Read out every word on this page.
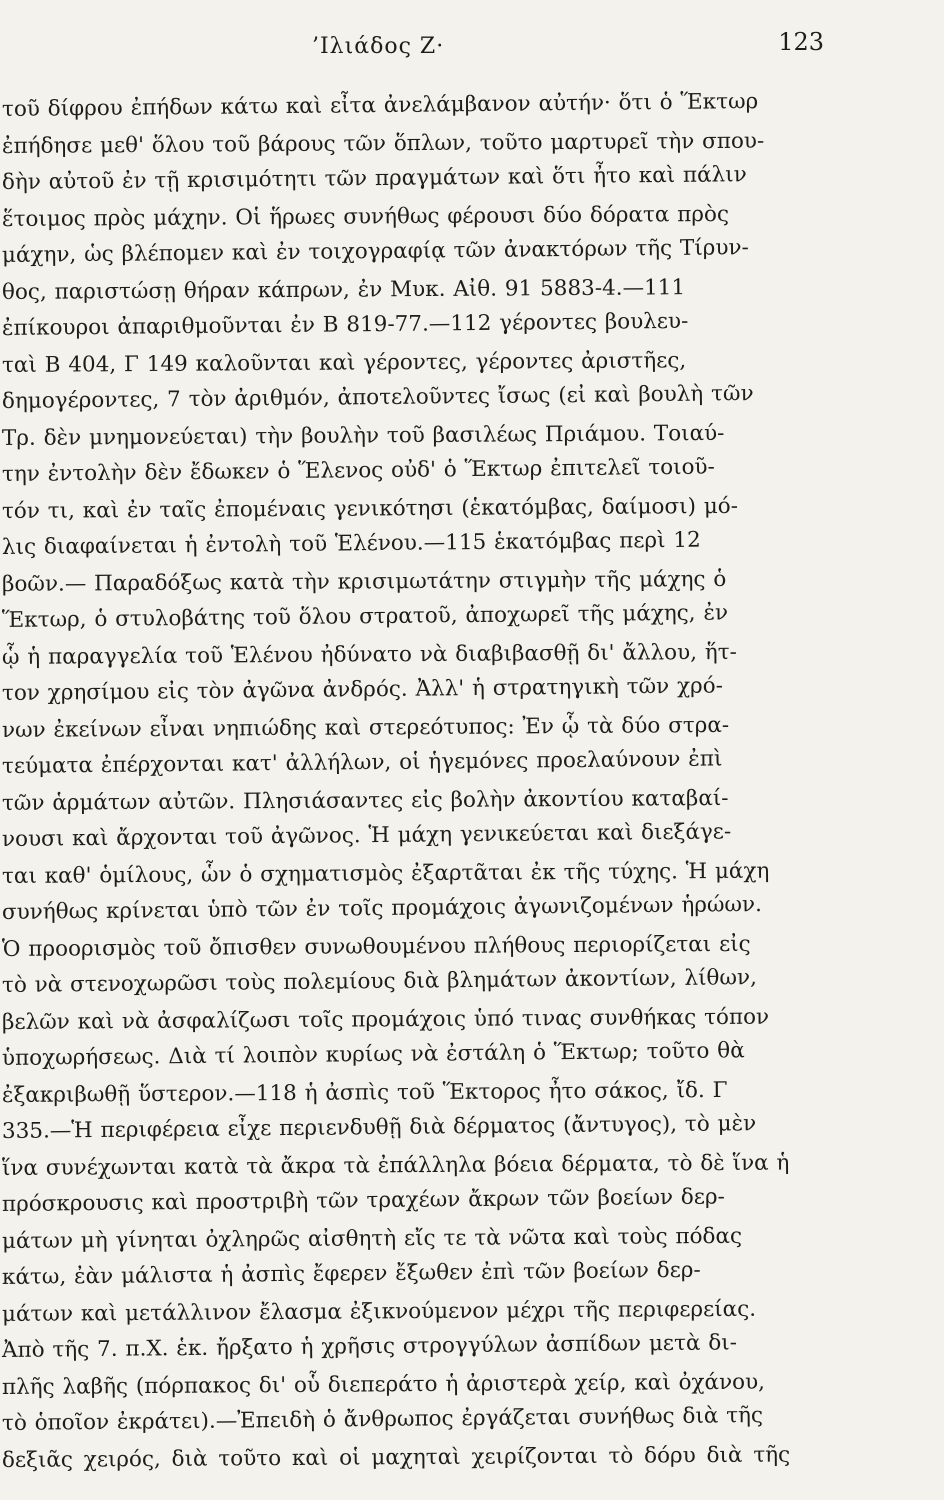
’Ιλιάδος Ζ·	123
τοῦ δίφρου ἐπήδων κάτω καὶ εἶτα ἀνελάμβανον αὐτήν· ὅτι ὁ Ἕκτωρ
ἐπήδησε μεθ' ὅλου τοῦ βάρους τῶν ὅπλων, τοῦτο μαρτυρεῖ τὴν σπου-
δὴν αὐτοῦ ἐν τῇ κρισιμότητι τῶν πραγμάτων καὶ ὅτι ἦτο καὶ πάλιν
ἕτοιμος πρὸς μάχην. Οἱ ἥρωες συνήθως φέρουσι δύο δόρατα πρὸς
μάχην, ὡς βλέπομεν καὶ ἐν τοιχογραφίᾳ τῶν ἀνακτόρων τῆς Τίρυν-
θος, παριστώσῃ θήραν κάπρων, ἐν Μυκ. Αἰθ. 91 5883-4.—111
ἐπίκουροι ἀπαριθμοῦνται ἐν Β 819-77.—112 γέροντες βουλευ-
ταὶ Β 404, Γ 149 καλοῦνται καὶ γέροντες, γέροντες ἀριστῆες,
δημογέροντες, 7 τὸν ἀριθμόν, ἀποτελοῦντες ἴσως (εἰ καὶ βουλὴ τῶν
Τρ. δὲν μνημονεύεται) τὴν βουλὴν τοῦ βασιλέως Πριάμου. Τοιαύ-
την ἐντολὴν δὲν ἔδωκεν ὁ Ἕλενος οὐδ' ὁ Ἕκτωρ ἐπιτελεῖ τοιοῦ-
τόν τι, καὶ ἐν ταῖς ἐπομέναις γενικότησι (ἑκατόμβας, δαίμοσι) μό-
λις διαφαίνεται ἡ ἐντολὴ τοῦ Ἑλένου.—115 ἑκατόμβας περὶ 12
βοῶν.— Παραδόξως κατὰ τὴν κρισιμωτάτην στιγμὴν τῆς μάχης ὁ
Ἕκτωρ, ὁ στυλοβάτης τοῦ ὅλου στρατοῦ, ἀποχωρεῖ τῆς μάχης, ἐν
ᾧ ἡ παραγγελία τοῦ Ἑλένου ἠδύνατο νὰ διαβιβασθῇ δι' ἄλλου, ἥτ-
τον χρησίμου εἰς τὸν ἀγῶνα ἀνδρός. Ἀλλ' ἡ στρατηγικὴ τῶν χρό-
νων ἐκείνων εἶναι νηπιώδης καὶ στερεότυπος: Ἐν ᾧ τὰ δύο στρα-
τεύματα ἐπέρχονται κατ' ἀλλήλων, οἱ ἡγεμόνες προελαύνουν ἐπὶ
τῶν ἁρμάτων αὐτῶν. Πλησιάσαντες εἰς βολὴν ἀκοντίου καταβαί-
νουσι καὶ ἄρχονται τοῦ ἀγῶνος. Ἡ μάχη γενικεύεται καὶ διεξάγε-
ται καθ' ὁμίλους, ὧν ὁ σχηματισμὸς ἐξαρτᾶται ἐκ τῆς τύχης. Ἡ μάχη
συνήθως κρίνεται ὑπὸ τῶν ἐν τοῖς προμάχοις ἀγωνιζομένων ἡρώων.
Ὁ προορισμὸς τοῦ ὄπισθεν συνωθουμένου πλήθους περιορίζεται εἰς
τὸ νὰ στενοχωρῶσι τοὺς πολεμίους διὰ βλημάτων ἀκοντίων, λίθων,
βελῶν καὶ νὰ ἀσφαλίζωσι τοῖς προμάχοις ὑπό τινας συνθήκας τόπον
ὑποχωρήσεως. Διὰ τί λοιπὸν κυρίως νὰ ἐστάλη ὁ Ἕκτωρ; τοῦτο θὰ
ἐξακριβωθῇ ὕστερον.—118 ἡ ἀσπὶς τοῦ Ἕκτορος ἦτο σάκος, ἴδ. Γ
335.—Ἡ περιφέρεια εἶχε περιενδυθῇ διὰ δέρματος (ἄντυγος), τὸ μὲν
ἵνα συνέχωνται κατὰ τὰ ἄκρα τὰ ἐπάλληλα βόεια δέρματα, τὸ δὲ ἵνα ἡ
πρόσκρουσις καὶ προστριβὴ τῶν τραχέων ἄκρων τῶν βοείων δερ-
μάτων μὴ γίνηται ὀχληρῶς αἰσθητὴ εἴς τε τὰ νῶτα καὶ τοὺς πόδας
κάτω, ἐὰν μάλιστα ἡ ἀσπὶς ἔφερεν ἔξωθεν ἐπὶ τῶν βοείων δερ-
μάτων καὶ μετάλλινον ἔλασμα ἐξικνούμενον μέχρι τῆς περιφερείας.
Ἀπὸ τῆς 7. π.Χ. ἑκ. ἤρξατο ἡ χρῆσις στρογγύλων ἀσπίδων μετὰ δι-
πλῆς λαβῆς (πόρπακος δι' οὗ διεπεράτο ἡ ἀριστερὰ χείρ, καὶ ὀχάνου,
τὸ ὁποῖον ἐκράτει).—Ἐπειδὴ ὁ ἄνθρωπος ἐργάζεται συνήθως διὰ τῆς
δεξιᾶς χειρός, διὰ τοῦτο καὶ οἱ μαχηταὶ χειρίζονται τὸ δόρυ διὰ τῆς
